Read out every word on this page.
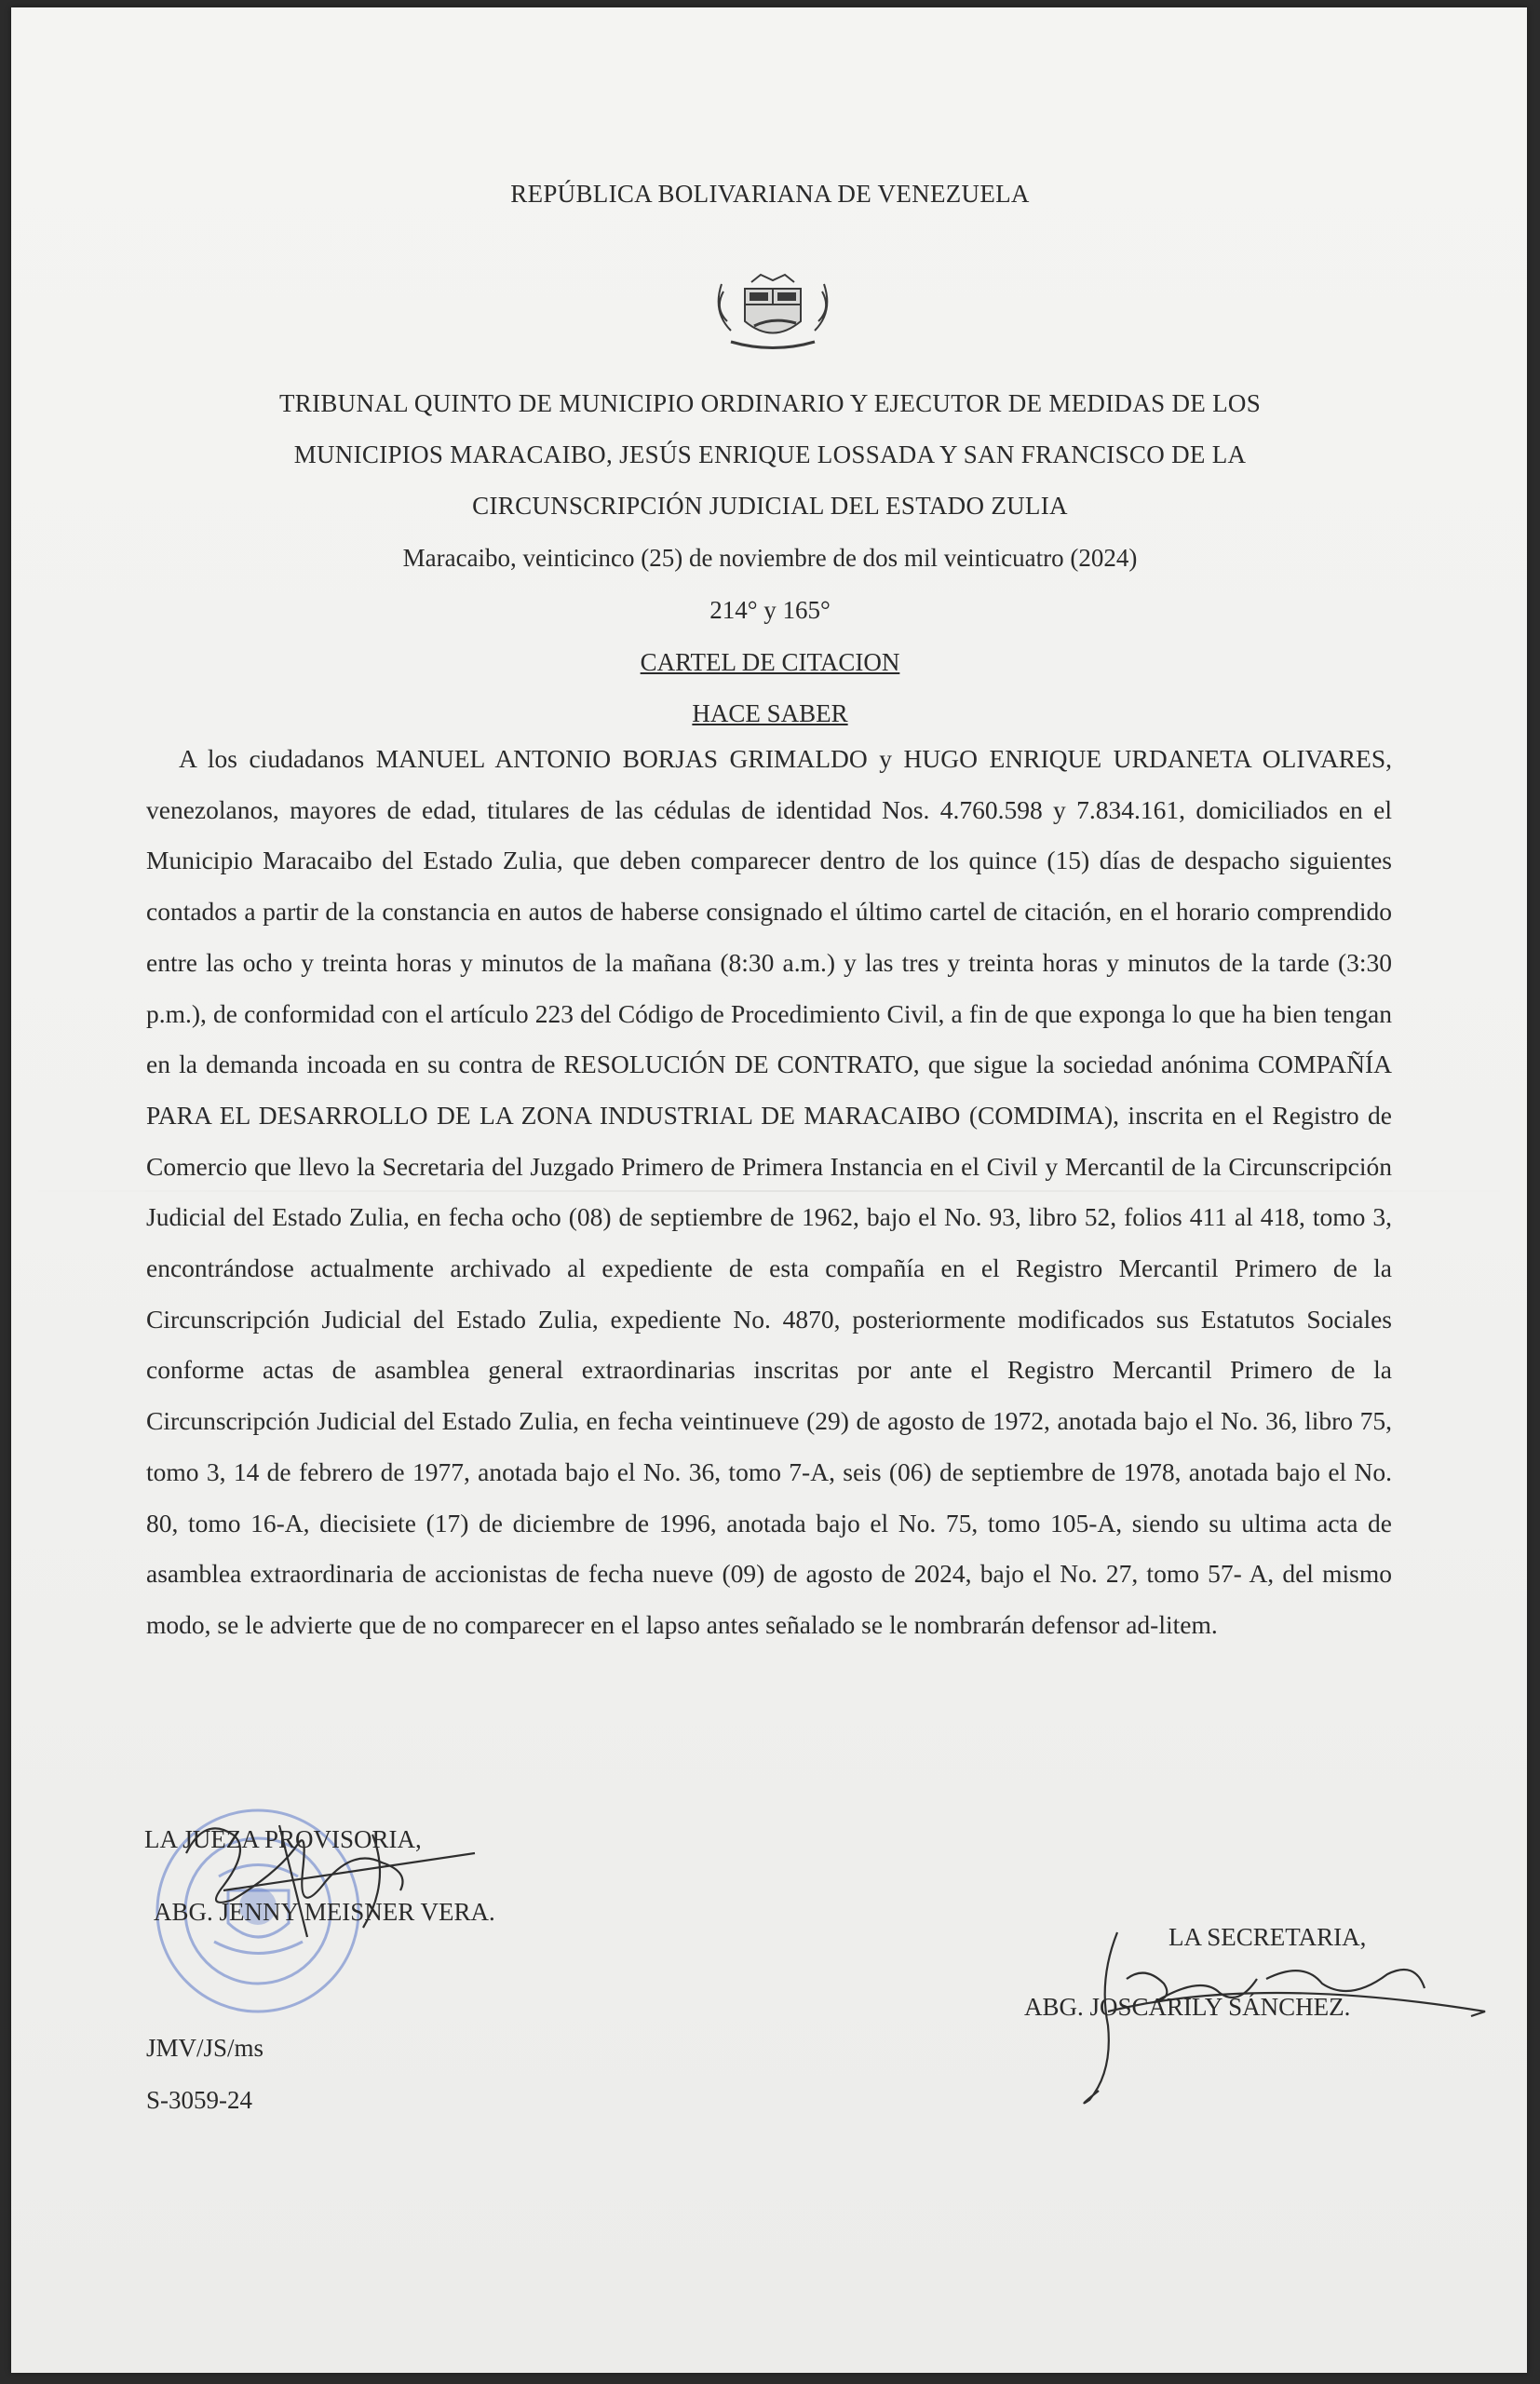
REPÚBLICA BOLIVARIANA DE VENEZUELA
TRIBUNAL QUINTO DE MUNICIPIO ORDINARIO Y EJECUTOR DE MEDIDAS DE LOS
MUNICIPIOS MARACAIBO, JESÚS ENRIQUE LOSSADA Y SAN FRANCISCO DE LA
CIRCUNSCRIPCIÓN JUDICIAL DEL ESTADO ZULIA
Maracaibo, veinticinco (25) de noviembre de dos mil veinticuatro (2024)
214° y 165°
CARTEL DE CITACION
HACE SABER
A los ciudadanos MANUEL ANTONIO BORJAS GRIMALDO y HUGO ENRIQUE URDANETA OLIVARES, venezolanos, mayores de edad, titulares de las cédulas de identidad Nos. 4.760.598 y 7.834.161, domiciliados en el Municipio Maracaibo del Estado Zulia, que deben comparecer dentro de los quince (15) días de despacho siguientes contados a partir de la constancia en autos de haberse consignado el último cartel de citación, en el horario comprendido entre las ocho y treinta horas y minutos de la mañana (8:30 a.m.) y las tres y treinta horas y minutos de la tarde (3:30 p.m.), de conformidad con el artículo 223 del Código de Procedimiento Civil, a fin de que exponga lo que ha bien tengan en la demanda incoada en su contra de RESOLUCIÓN DE CONTRATO, que sigue la sociedad anónima COMPAÑÍA PARA EL DESARROLLO DE LA ZONA INDUSTRIAL DE MARACAIBO (COMDIMA), inscrita en el Registro de Comercio que llevo la Secretaria del Juzgado Primero de Primera Instancia en el Civil y Mercantil de la Circunscripción Judicial del Estado Zulia, en fecha ocho (08) de septiembre de 1962, bajo el No. 93, libro 52, folios 411 al 418, tomo 3, encontrándose actualmente archivado al expediente de esta compañía en el Registro Mercantil Primero de la Circunscripción Judicial del Estado Zulia, expediente No. 4870, posteriormente modificados sus Estatutos Sociales conforme actas de asamblea general extraordinarias inscritas por ante el Registro Mercantil Primero de la Circunscripción Judicial del Estado Zulia, en fecha veintinueve (29) de agosto de 1972, anotada bajo el No. 36, libro 75, tomo 3, 14 de febrero de 1977, anotada bajo el No. 36, tomo 7-A, seis (06) de septiembre de 1978, anotada bajo el No. 80, tomo 16-A, diecisiete (17) de diciembre de 1996, anotada bajo el No. 75, tomo 105-A, siendo su ultima acta de asamblea extraordinaria de accionistas de fecha nueve (09) de agosto de 2024, bajo el No. 27, tomo 57- A, del mismo modo, se le advierte que de no comparecer en el lapso antes señalado se le nombrarán defensor ad-litem.
LA JUEZA PROVISORIA,
ABG. JENNY MEISNER VERA.
LA SECRETARIA,
ABG. JOSCARILY SÁNCHEZ.
JMV/JS/ms
S-3059-24
